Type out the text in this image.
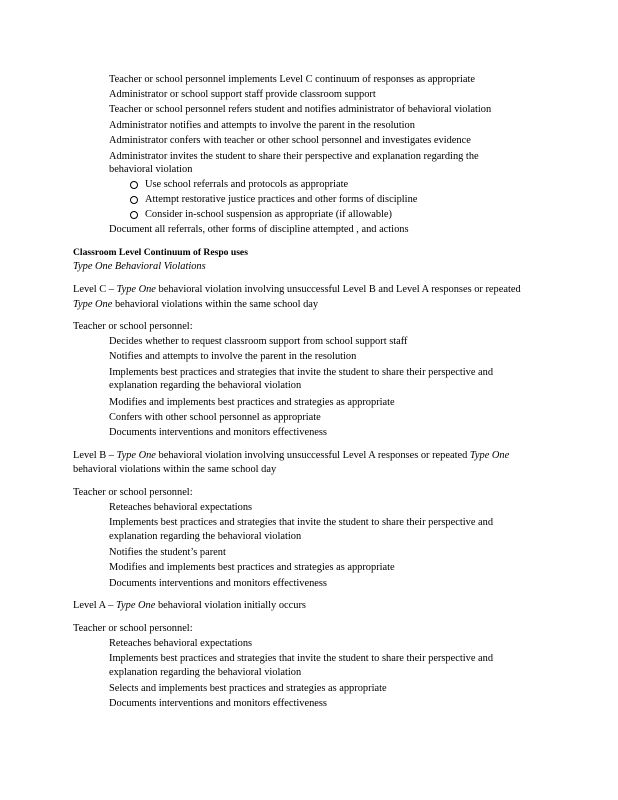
Teacher or school personnel implements Level C continuum of responses as appropriate
Administrator or school support staff provide classroom support
Teacher or school personnel refers student and notifies administrator of behavioral violation
Administrator notifies and attempts to involve the parent in the resolution
Administrator confers with teacher or other school personnel and investigates evidence
Administrator invites the student to share their perspective and explanation regarding the
behavioral violation
Use school referrals and protocols as appropriate
Attempt restorative justice practices and other forms of discipline
Consider in-school suspension as appropriate (if allowable)
Document all referrals, other forms of discipline attempted , and actions
Classroom Level Continuum of Respo uses
Type One Behavioral Violations
Level C – Type One behavioral violation involving unsuccessful Level B and Level A responses or repeated
Type One behavioral violations within the same school day
Teacher or school personnel:
Decides whether to request classroom support from school support staff
Notifies and attempts to involve the parent in the resolution
Implements best practices and strategies that invite the student to share their perspective and
explanation regarding the behavioral violation
Modifies and implements best practices and strategies as appropriate
Confers with other school personnel as appropriate
Documents interventions and monitors effectiveness
Level B – Type One behavioral violation involving unsuccessful Level A responses or repeated Type One
behavioral violations within the same school day
Teacher or school personnel:
Reteaches behavioral expectations
Implements best practices and strategies that invite the student to share their perspective and
explanation regarding the behavioral violation
Notifies the student’s parent
Modifies and implements best practices and strategies as appropriate
Documents interventions and monitors effectiveness
Level A – Type One behavioral violation initially occurs
Teacher or school personnel:
Reteaches behavioral expectations
Implements best practices and strategies that invite the student to share their perspective and
explanation regarding the behavioral violation
Selects and implements best practices and strategies as appropriate
Documents interventions and monitors effectiveness
